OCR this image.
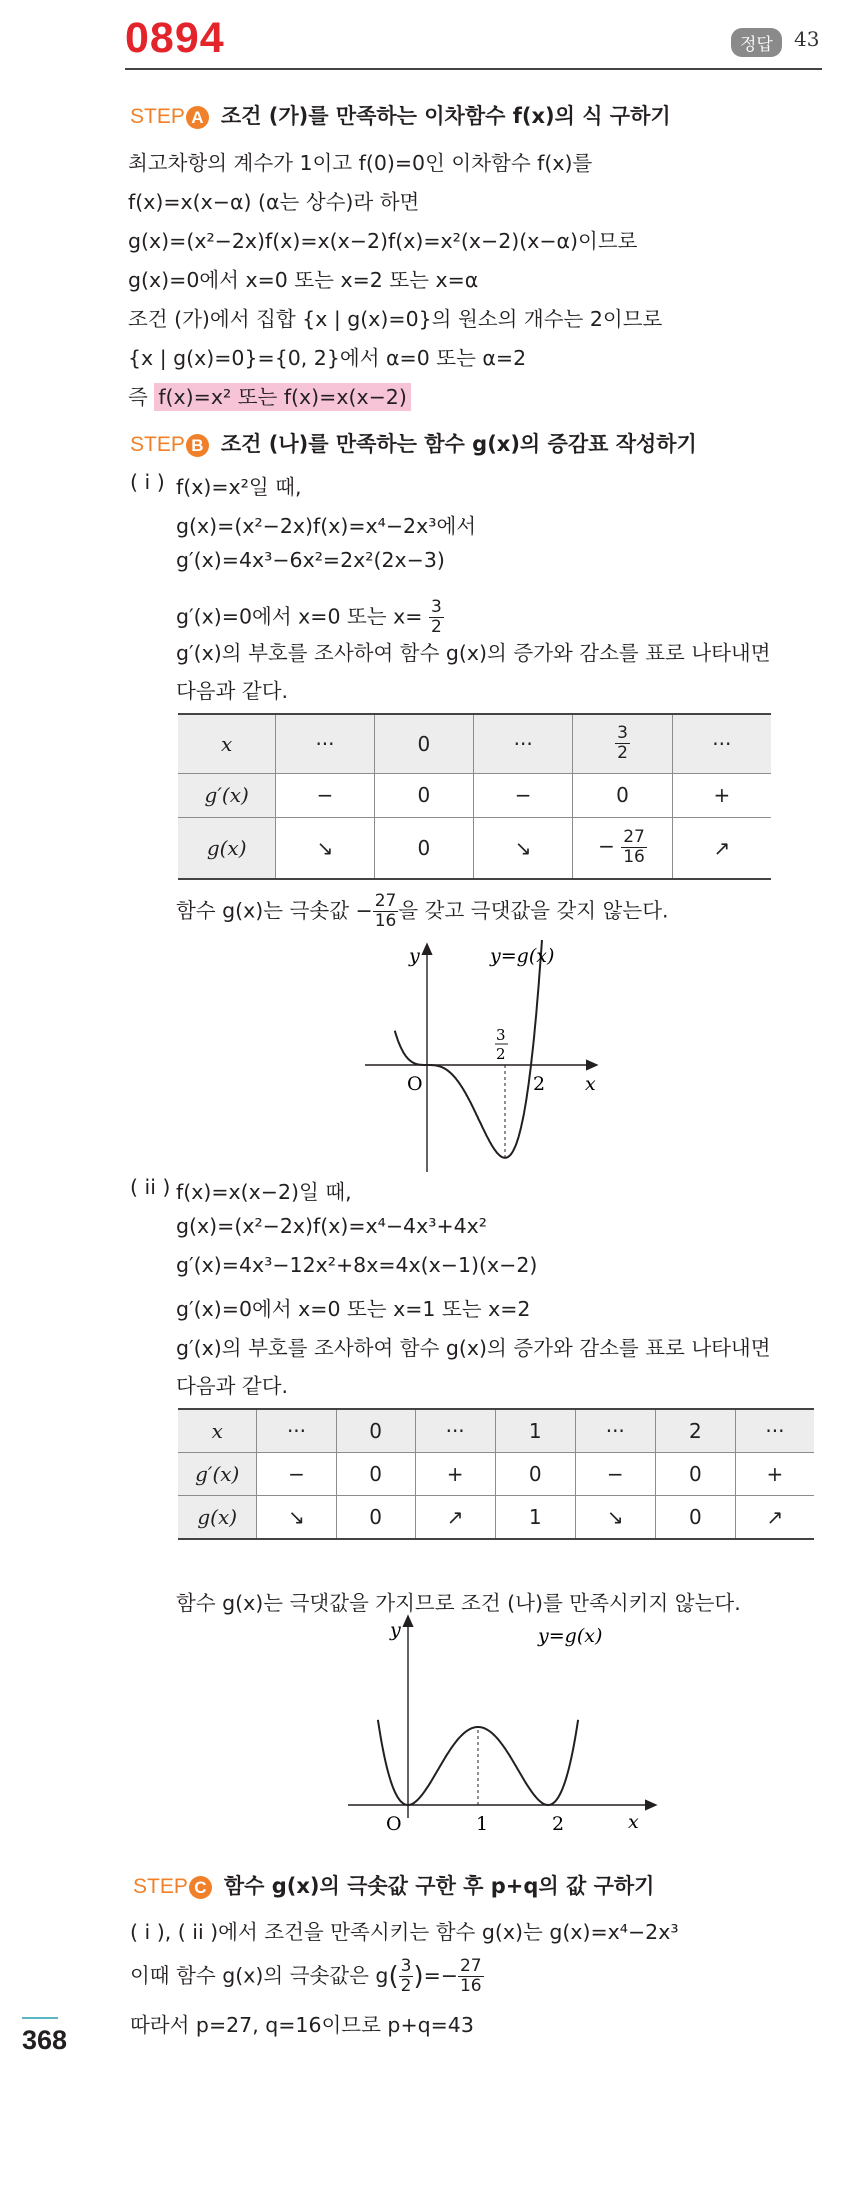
0894	정답	43
STEP A 조건 (가)를 만족하는 이차함수 f(x)의 식 구하기
최고차항의 계수가 1이고 f(0)=0인 이차함수 f(x)를
f(x)=x(x−α) (α는 상수)라 하면
g(x)=(x²−2x)f(x)=x(x−2)f(x)=x²(x−2)(x−α)이므로
g(x)=0에서 x=0 또는 x=2 또는 x=α
조건 (가)에서 집합 {x | g(x)=0}의 원소의 개수는 2이므로
{x | g(x)=0}={0, 2}에서 α=0 또는 α=2
즉 f(x)=x² 또는 f(x)=x(x−2)
STEP B 조건 (나)를 만족하는 함수 g(x)의 증감표 작성하기
( i ) f(x)=x²일 때,
g(x)=(x²−2x)f(x)=x⁴−2x³에서
g′(x)=4x³−6x²=2x²(2x−3)
g′(x)=0에서 x=0 또는 $x= \frac{3}{2}$
g′(x)의 부호를 조사하여 함수 g(x)의 증가와 감소를 표로 나타내면
다음과 같다.
x	···	0	···	$\frac{3}{2}$	···
g′(x)	−	0	−	0	+
g(x)	↘	0	↘	− $\frac{27}{16}$	↗
함수 g(x)는 극솟값 − $\frac{27}{16}$ 을 갖고 극댓값을 갖지 않는다.
y
x
O	2
3
2
y=g(x)
( ii ) f(x)=x(x−2)일 때,
g(x)=(x²−2x)f(x)=x⁴−4x³+4x²
g′(x)=4x³−12x²+8x=4x(x−1)(x−2)
g′(x)=0에서 x=0 또는 x=1 또는 x=2
g′(x)의 부호를 조사하여 함수 g(x)의 증가와 감소를 표로 나타내면
다음과 같다.
x	···	0	···	1	···	2	···
g′(x)	−	0	+	0	−	0	+
g(x)	↘	0	↗	1	↘	0	↗
함수 g(x)는 극댓값을 가지므로 조건 (나)를 만족시키지 않는다.
y
x
O	1	2
y=g(x)
STEP C 함수 g(x)의 극솟값 구한 후 p+q의 값 구하기
( i ), ( ii )에서 조건을 만족시키는 함수 g(x)는 g(x)=x⁴−2x³
이때 함수 g(x)의 극솟값은 $g( \frac{3}{2}$ )=− $\frac{27}{16}$
따라서 p=27, q=16이므로 p+q=43
368
